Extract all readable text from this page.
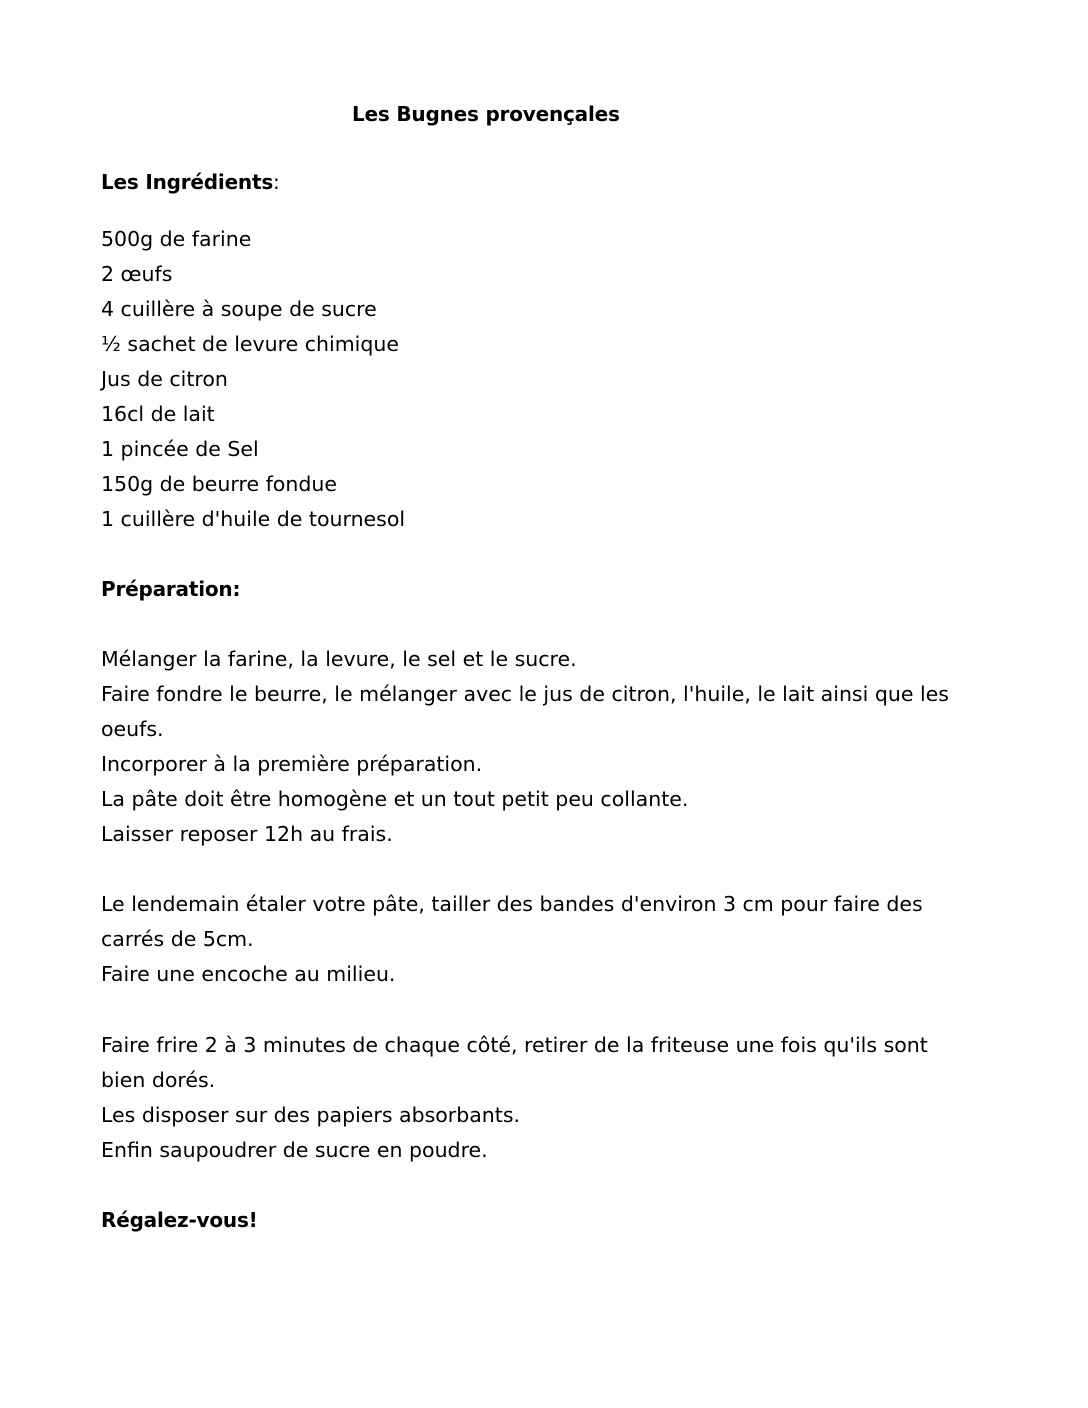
Les Bugnes provençales
Les Ingrédients:
500g de farine
2 œufs
4 cuillère à soupe de sucre
½ sachet de levure chimique
Jus de citron
16cl de lait
1 pincée de Sel
150g de beurre fondue
1 cuillère d'huile de tournesol
Préparation:
Mélanger la farine, la levure, le sel et le sucre.
Faire fondre le beurre, le mélanger avec le jus de citron, l'huile, le lait ainsi que les
oeufs.
Incorporer à la première préparation.
La pâte doit être homogène et un tout petit peu collante.
Laisser reposer 12h au frais.
Le lendemain étaler votre pâte, tailler des bandes d'environ 3 cm pour faire des
carrés de 5cm.
Faire une encoche au milieu.
Faire frire 2 à 3 minutes de chaque côté, retirer de la friteuse une fois qu'ils sont
bien dorés.
Les disposer sur des papiers absorbants.
Enfin saupoudrer de sucre en poudre.
Régalez-vous!
